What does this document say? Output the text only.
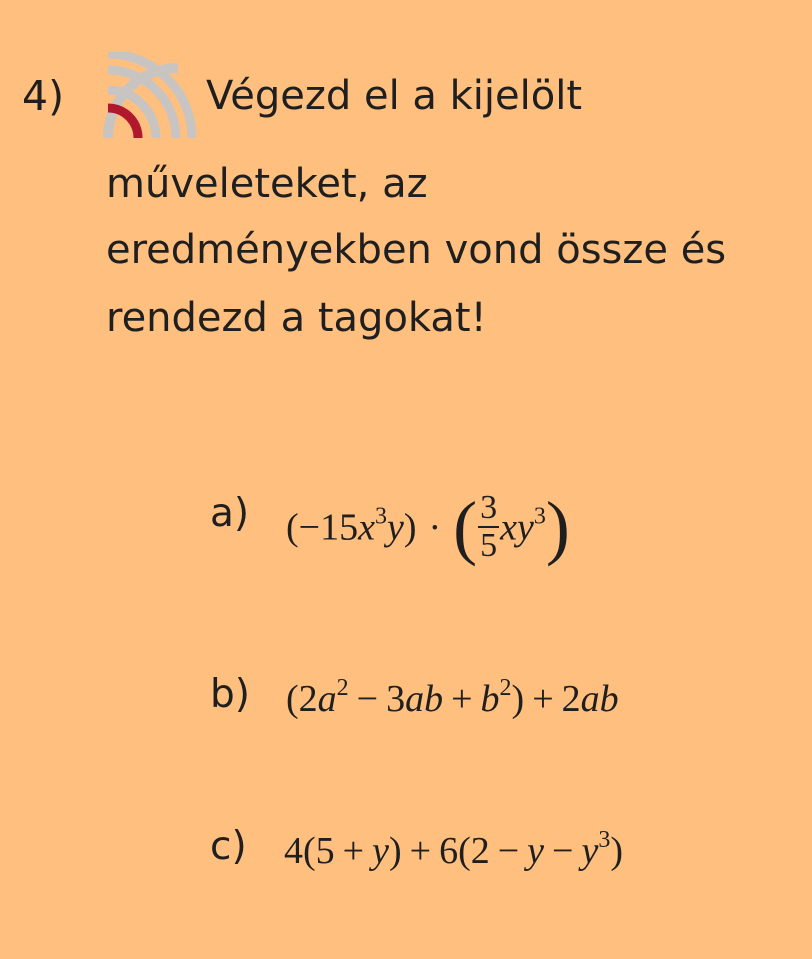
4)	Végezd el a kijelölt
műveleteket, az
eredményekben vond össze és
rendezd a tagokat!
a) $(-15x^3y)$ · ( $\frac{3}{5} xy^3$)
b) $(2a^2 - 3ab + b^2) + 2ab$
c) $4(5 + y) + 6(2 - y - y^3)$
